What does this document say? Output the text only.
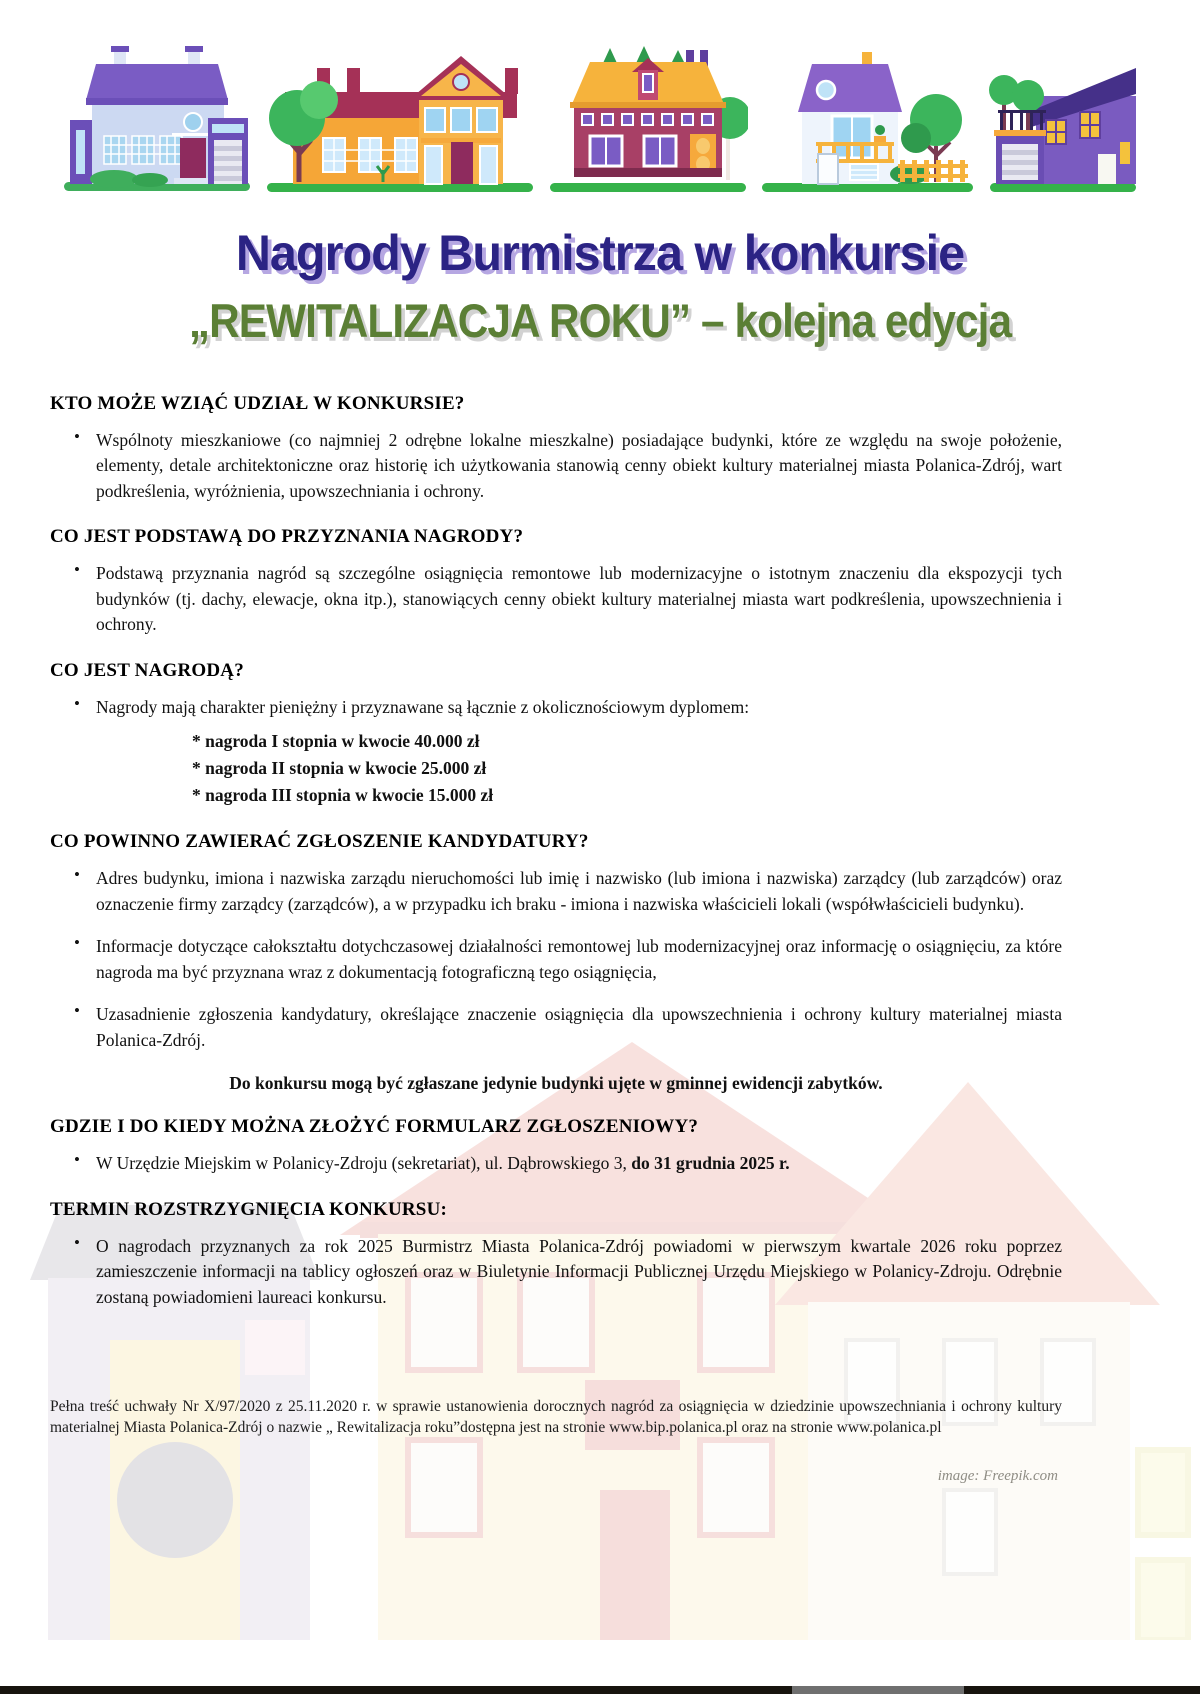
Nagrody Burmistrza w konkursie
„REWITALIZACJA ROKU” – kolejna edycja
KTO MOŻE WZIĄĆ UDZIAŁ W KONKURSIE?
• Wspólnoty mieszkaniowe (co najmniej 2 odrębne lokalne mieszkalne) posiadające budynki, które ze względu na swoje położenie, elementy, detale architektoniczne oraz historię ich użytkowania stanowią cenny obiekt kultury materialnej miasta Polanica-Zdrój, wart podkreślenia, wyróżnienia, upowszechniania i ochrony.

CO JEST PODSTAWĄ DO PRZYZNANIA NAGRODY?
• Podstawą przyznania nagród są szczególne osiągnięcia remontowe lub modernizacyjne o istotnym znaczeniu dla ekspozycji tych budynków (tj. dachy, elewacje, okna itp.), stanowiących cenny obiekt kultury materialnej miasta wart podkreślenia, upowszechnienia i ochrony.

CO JEST NAGRODĄ?
• Nagrody mają charakter pieniężny i przyznawane są łącznie z okolicznościowym dyplomem:

* nagroda I stopnia w kwocie 40.000 zł
* nagroda II stopnia w kwocie 25.000 zł
* nagroda III stopnia w kwocie 15.000 zł
CO POWINNO ZAWIERAĆ ZGŁOSZENIE KANDYDATURY?
• Adres budynku, imiona i nazwiska zarządu nieruchomości lub imię i nazwisko (lub imiona i nazwiska) zarządcy (lub zarządców) oraz oznaczenie firmy zarządcy (zarządców), a w przypadku ich braku - imiona i nazwiska właścicieli lokali (współwłaścicieli budynku).

• Informacje dotyczące całokształtu dotychczasowej działalności remontowej lub modernizacyjnej oraz informację o osiągnięciu, za które nagroda ma być przyznana wraz z dokumentacją fotograficzną tego osiągnięcia,

• Uzasadnienie zgłoszenia kandydatury, określające znaczenie osiągnięcia dla upowszechnienia i ochrony kultury materialnej miasta Polanica-Zdrój.

Do konkursu mogą być zgłaszane jedynie budynki ujęte w gminnej ewidencji zabytków.
GDZIE I DO KIEDY MOŻNA ZŁOŻYĆ FORMULARZ ZGŁOSZENIOWY?
• W Urzędzie Miejskim w Polanicy-Zdroju (sekretariat), ul. Dąbrowskiego 3, do 31 grudnia 2025 r.

TERMIN ROZSTRZYGNIĘCIA KONKURSU:
• O nagrodach przyznanych za rok 2025 Burmistrz Miasta Polanica-Zdrój powiadomi w pierwszym kwartale 2026 roku poprzez zamieszczenie informacji na tablicy ogłoszeń oraz w Biuletynie Informacji Publicznej Urzędu Miejskiego w Polanicy-Zdroju. Odrębnie zostaną powiadomieni laureaci konkursu.

Pełna treść uchwały Nr X/97/2020 z 25.11.2020 r. w sprawie ustanowienia dorocznych nagród za osiągnięcia w dziedzinie upowszechniania i ochrony kultury materialnej Miasta Polanica-Zdrój o nazwie „ Rewitalizacja roku”dostępna jest na stronie www.bip.polanica.pl oraz na stronie www.polanica.pl

image: Freepik.com
